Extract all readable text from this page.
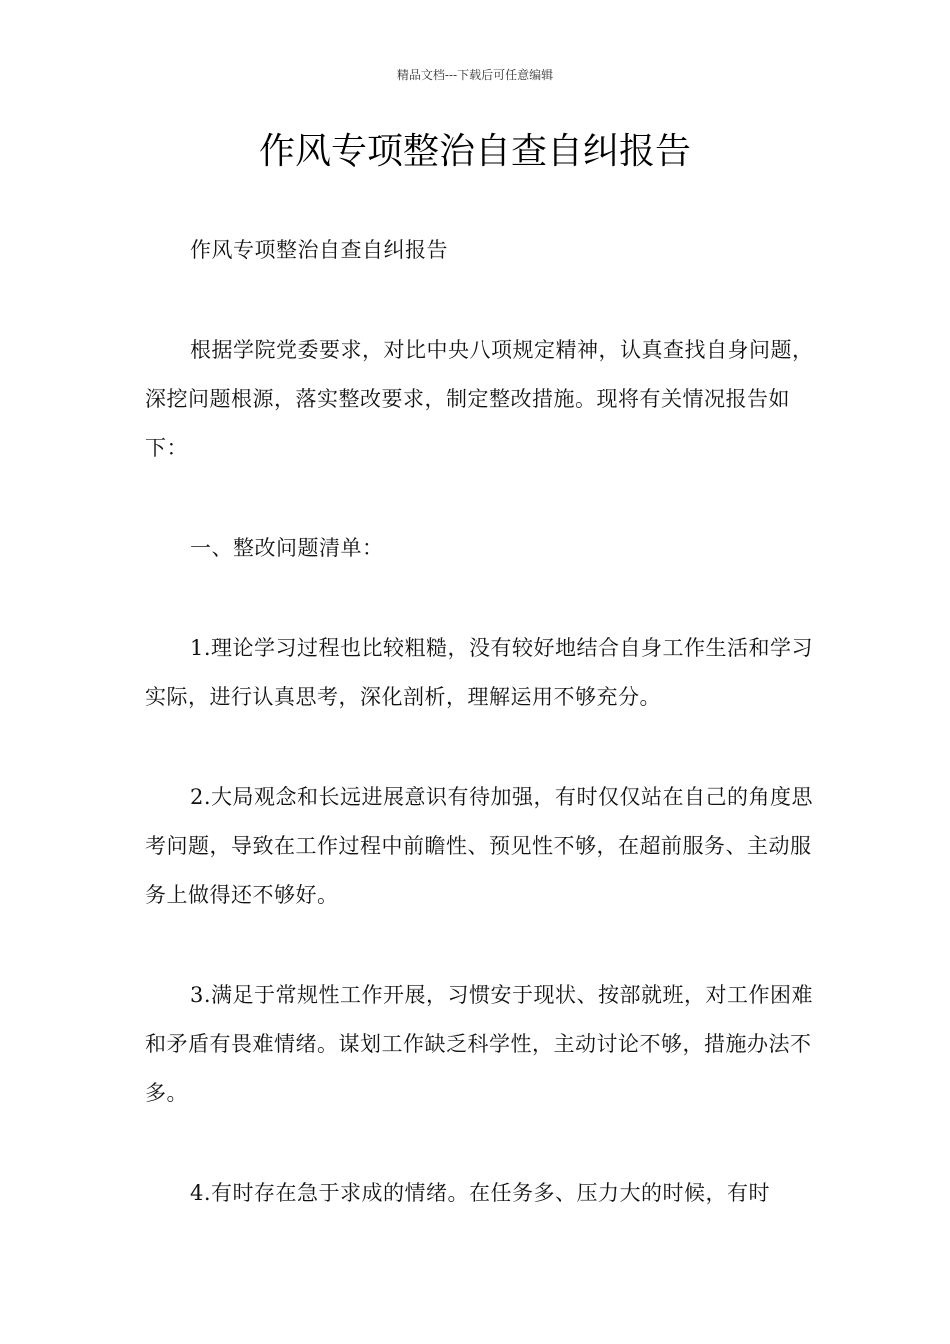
精品文档---下载后可任意编辑
作风专项整治自查自纠报告

作风专项整治自查自纠报告

根据学院党委要求，对比中央八项规定精神，认真查找自身问题，深挖问题根源，落实整改要求，制定整改措施。现将有关情况报告如下：

一、整改问题清单：

1.理论学习过程也比较粗糙，没有较好地结合自身工作生活和学习实际，进行认真思考，深化剖析，理解运用不够充分。

2.大局观念和长远进展意识有待加强，有时仅仅站在自己的角度思考问题，导致在工作过程中前瞻性、预见性不够，在超前服务、主动服务上做得还不够好。

3.满足于常规性工作开展，习惯安于现状、按部就班，对工作困难和矛盾有畏难情绪。谋划工作缺乏科学性，主动讨论不够，措施办法不多。

4.有时存在急于求成的情绪。在任务多、压力大的时候，有时
